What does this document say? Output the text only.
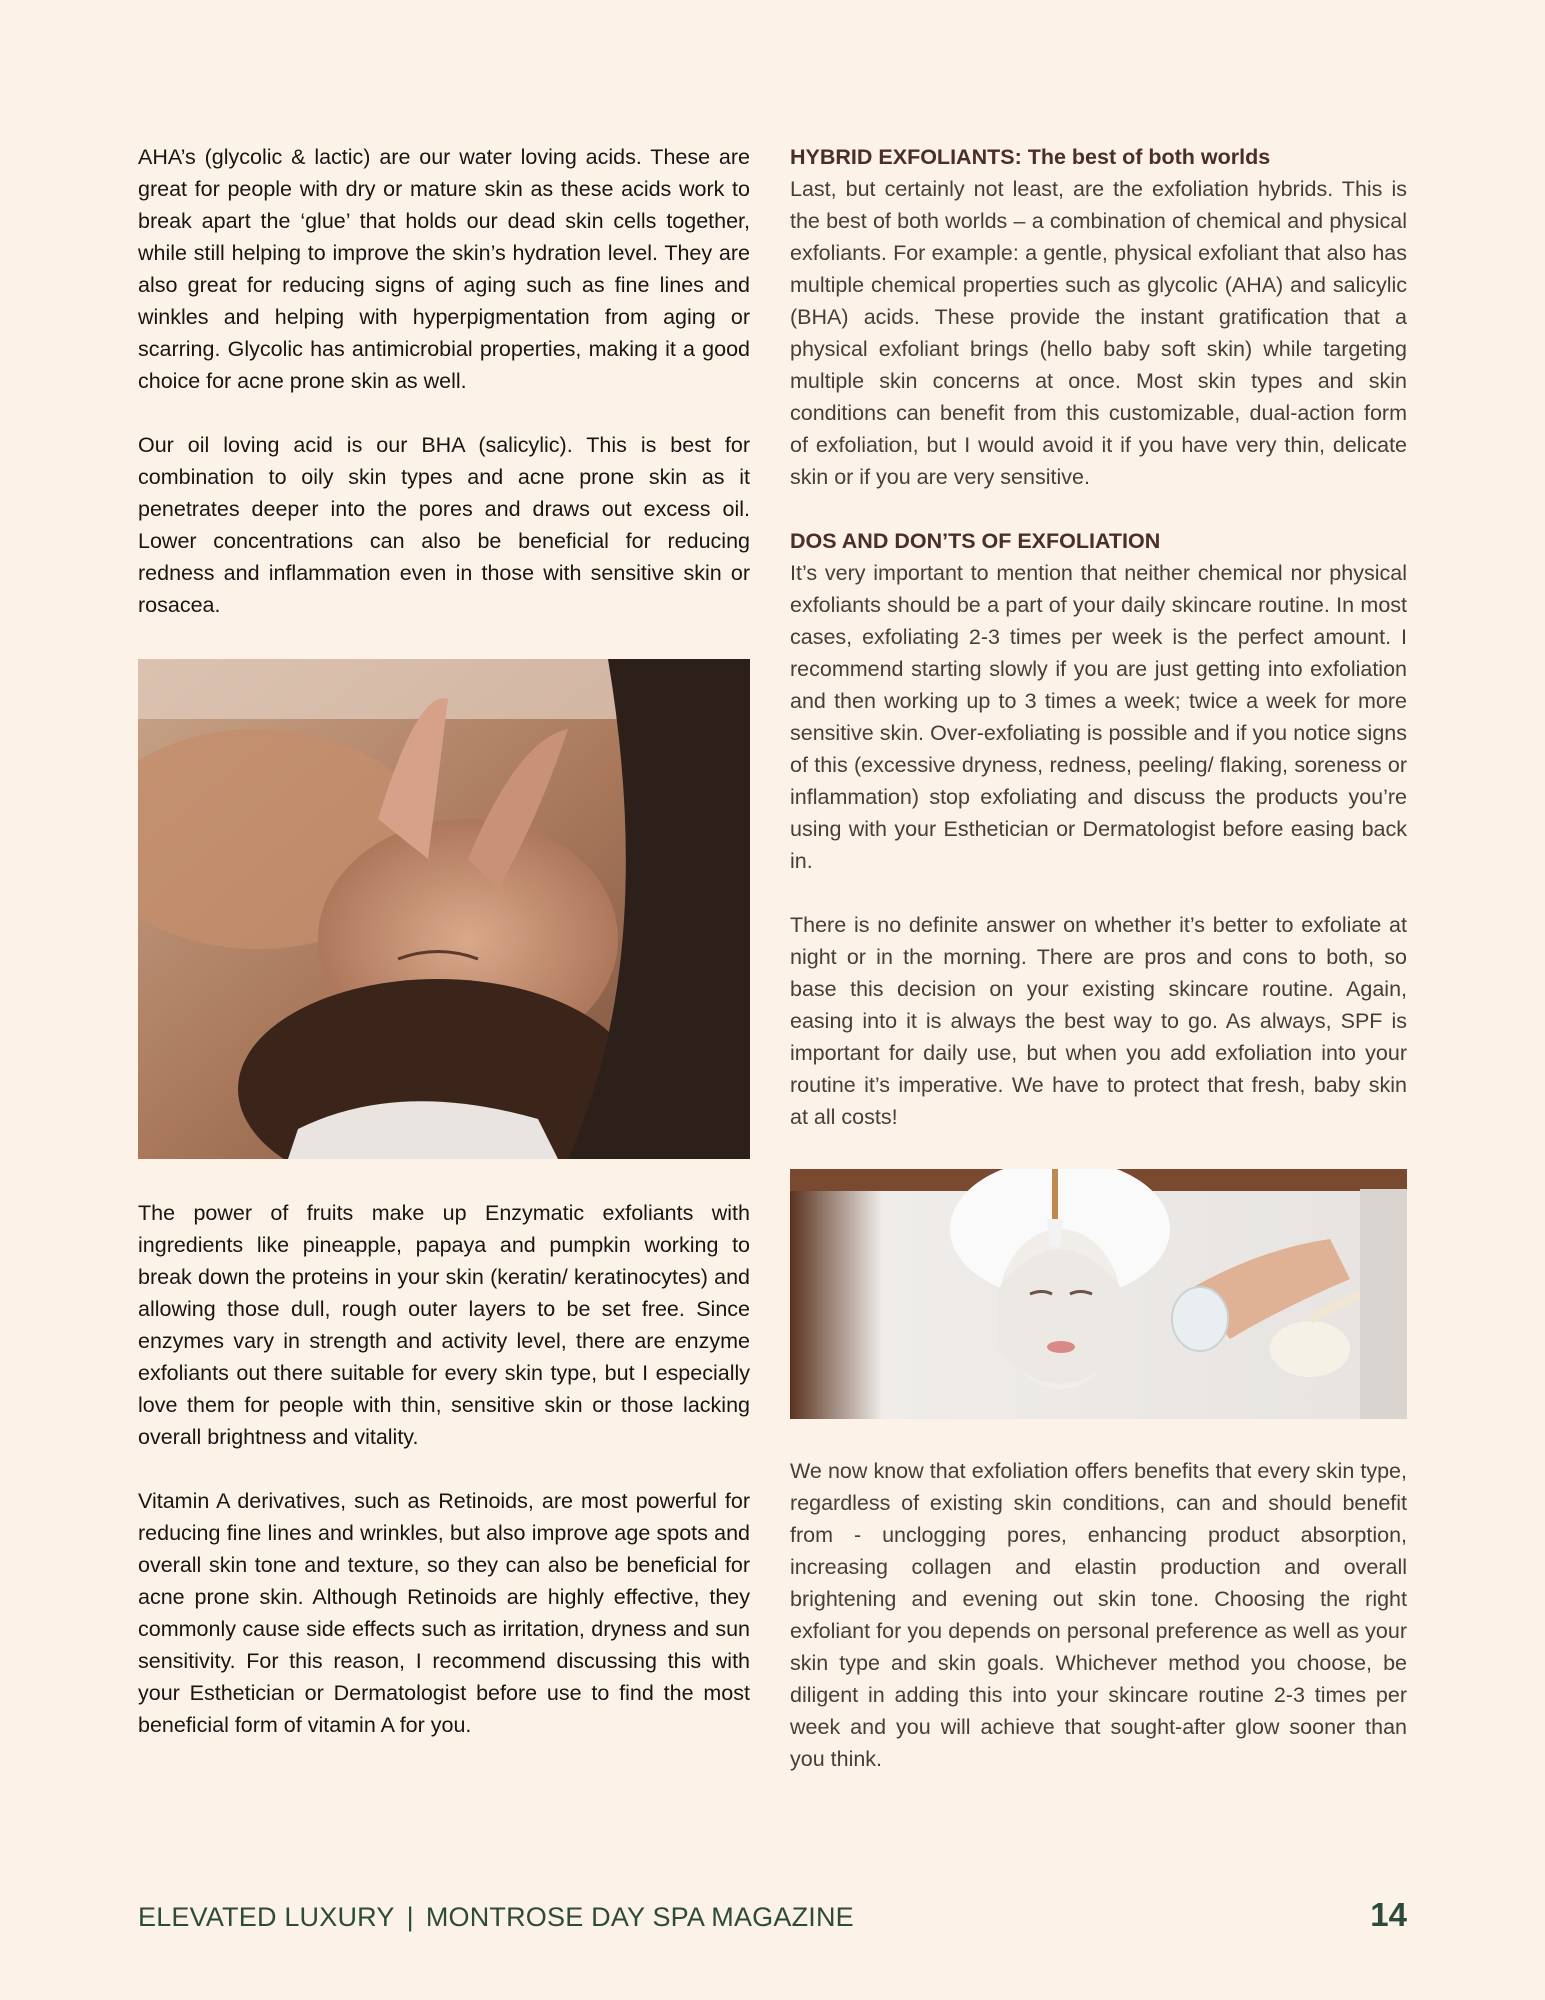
AHA’s (glycolic & lactic) are our water loving acids. These are great for people with dry or mature skin as these acids work to break apart the ‘glue’ that holds our dead skin cells together, while still helping to improve the skin’s hydration level. They are also great for reducing signs of aging such as fine lines and winkles and helping with hyperpigmentation from aging or scarring. Glycolic has antimicrobial properties, making it a good choice for acne prone skin as well.

Our oil loving acid is our BHA (salicylic). This is best for combination to oily skin types and acne prone skin as it penetrates deeper into the pores and draws out excess oil. Lower concentrations can also be beneficial for reducing redness and inflammation even in those with sensitive skin or rosacea.

The power of fruits make up Enzymatic exfoliants with ingredients like pineapple, papaya and pumpkin working to break down the proteins in your skin (keratin/ keratinocytes) and allowing those dull, rough outer layers to be set free. Since enzymes vary in strength and activity level, there are enzyme exfoliants out there suitable for every skin type, but I especially love them for people with thin, sensitive skin or those lacking overall brightness and vitality.

Vitamin A derivatives, such as Retinoids, are most powerful for reducing fine lines and wrinkles, but also improve age spots and overall skin tone and texture, so they can also be beneficial for acne prone skin. Although Retinoids are highly effective, they commonly cause side effects such as irritation, dryness and sun sensitivity. For this reason, I recommend discussing this with your Esthetician or Dermatologist before use to find the most beneficial form of vitamin A for you.

HYBRID EXFOLIANTS: The best of both worlds

Last, but certainly not least, are the exfoliation hybrids. This is the best of both worlds – a combination of chemical and physical exfoliants. For example: a gentle, physical exfoliant that also has multiple chemical properties such as glycolic (AHA) and salicylic (BHA) acids. These provide the instant gratification that a physical exfoliant brings (hello baby soft skin) while targeting multiple skin concerns at once. Most skin types and skin conditions can benefit from this customizable, dual-action form of exfoliation, but I would avoid it if you have very thin, delicate skin or if you are very sensitive.

DOS AND DON’TS OF EXFOLIATION

It’s very important to mention that neither chemical nor physical exfoliants should be a part of your daily skincare routine. In most cases, exfoliating 2-3 times per week is the perfect amount. I recommend starting slowly if you are just getting into exfoliation and then working up to 3 times a week; twice a week for more sensitive skin. Over-exfoliating is possible and if you notice signs of this (excessive dryness, redness, peeling/ flaking, soreness or inflammation) stop exfoliating and discuss the products you’re using with your Esthetician or Dermatologist before easing back in.

There is no definite answer on whether it’s better to exfoliate at night or in the morning. There are pros and cons to both, so base this decision on your existing skincare routine. Again, easing into it is always the best way to go. As always, SPF is important for daily use, but when you add exfoliation into your routine it’s imperative. We have to protect that fresh, baby skin at all costs!

We now know that exfoliation offers benefits that every skin type, regardless of existing skin conditions, can and should benefit from - unclogging pores, enhancing product absorption, increasing collagen and elastin production and overall brightening and evening out skin tone. Choosing the right exfoliant for you depends on personal preference as well as your skin type and skin goals. Whichever method you choose, be diligent in adding this into your skincare routine 2-3 times per week and you will achieve that sought-after glow sooner than you think.

ELEVATED LUXURY | MONTROSE DAY SPA MAGAZINE	14
